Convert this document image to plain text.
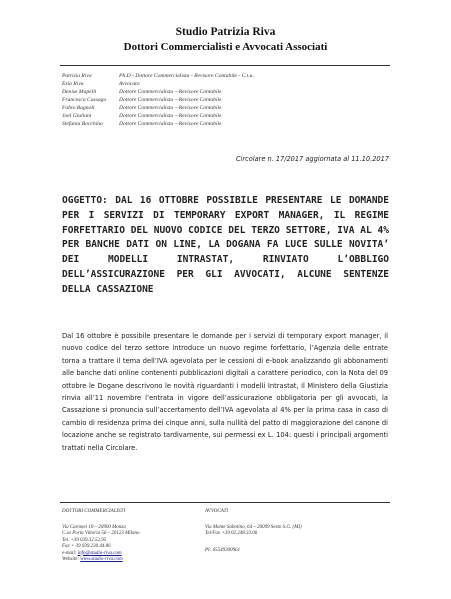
Studio Patrizia Riva
Dottori Commercialisti e Avvocati Associati
Patrizia Riva	Ph.D - Dottore Commercialista - Revisore Contabile - C.t.u.
Ezio Riva	Avvocato
Denise Mapelli	Dottore Commercialista – Revisore Contabile
Francesca Cassago	Dottore Commercialista – Revisore Contabile
Fabio Bagnoli	Dottore Commercialista – Revisore Contabile
Joel Giuliani	Dottore Commercialista – Revisore Contabile
Stefania Bocchino	Dottore Commercialista – Revisore Contabile
Circolare n. 17/2017 aggiornata al 11.10.2017
OGGETTO: DAL 16 OTTOBRE POSSIBILE PRESENTARE LE DOMANDE PER I SERVIZI DI TEMPORARY EXPORT MANAGER, IL REGIME FORFETTARIO DEL NUOVO CODICE DEL TERZO SETTORE, IVA AL 4% PER BANCHE DATI ON LINE, LA DOGANA FA LUCE SULLE NOVITA’ DEI MODELLI INTRASTAT, RINVIATO L’OBBLIGO DELL’ASSICURAZIONE PER GLI AVVOCATI, ALCUNE SENTENZE DELLA CASSAZIONE
Dal 16 ottobre è possibile presentare le domande per i servizi di temporary export manager, il nuovo codice del terzo settore introduce un nuovo regime forfettario, l’Agenzia delle entrate torna a trattare il tema dell’IVA agevolata per le cessioni di e-book analizzando gli abbonamenti alle banche dati online contenenti pubblicazioni digitali a carattere periodico, con la Nota del 09 ottobre le Dogane descrivono le novità riguardanti i modelli Intrastat, il Ministero della Giustizia rinvia all’11 novembre l’entrata in vigore dell’assicurazione obbligatoria per gli avvocati, la Cassazione si pronuncia sull’accertamento dell’IVA agevolata al 4% per la prima casa in caso di cambio di residenza prima dei cinque anni, sulla nullità del patto di maggiorazione del canone di locazione anche se registrato tardivamente, sui permessi ex L. 104: questi i principali argomenti trattati nella Circolare.
DOTTORI COMMERCIALISTI
Via Caromei 10 – 20900 Monza
C.so Porta Vittoria 56 – 20123 Milano
Tel. +39 039.32.52.95
Fax + 39 039.230.44.86
e-mail: info@studio-riva.com
Website: www.studio-riva.com
AVVOCATI
Via Monte Sabotino, 64 – 20099 Sesto S.G. (MI)
Tel/Fax +39 02.248.33.06
PI: 05549300961
